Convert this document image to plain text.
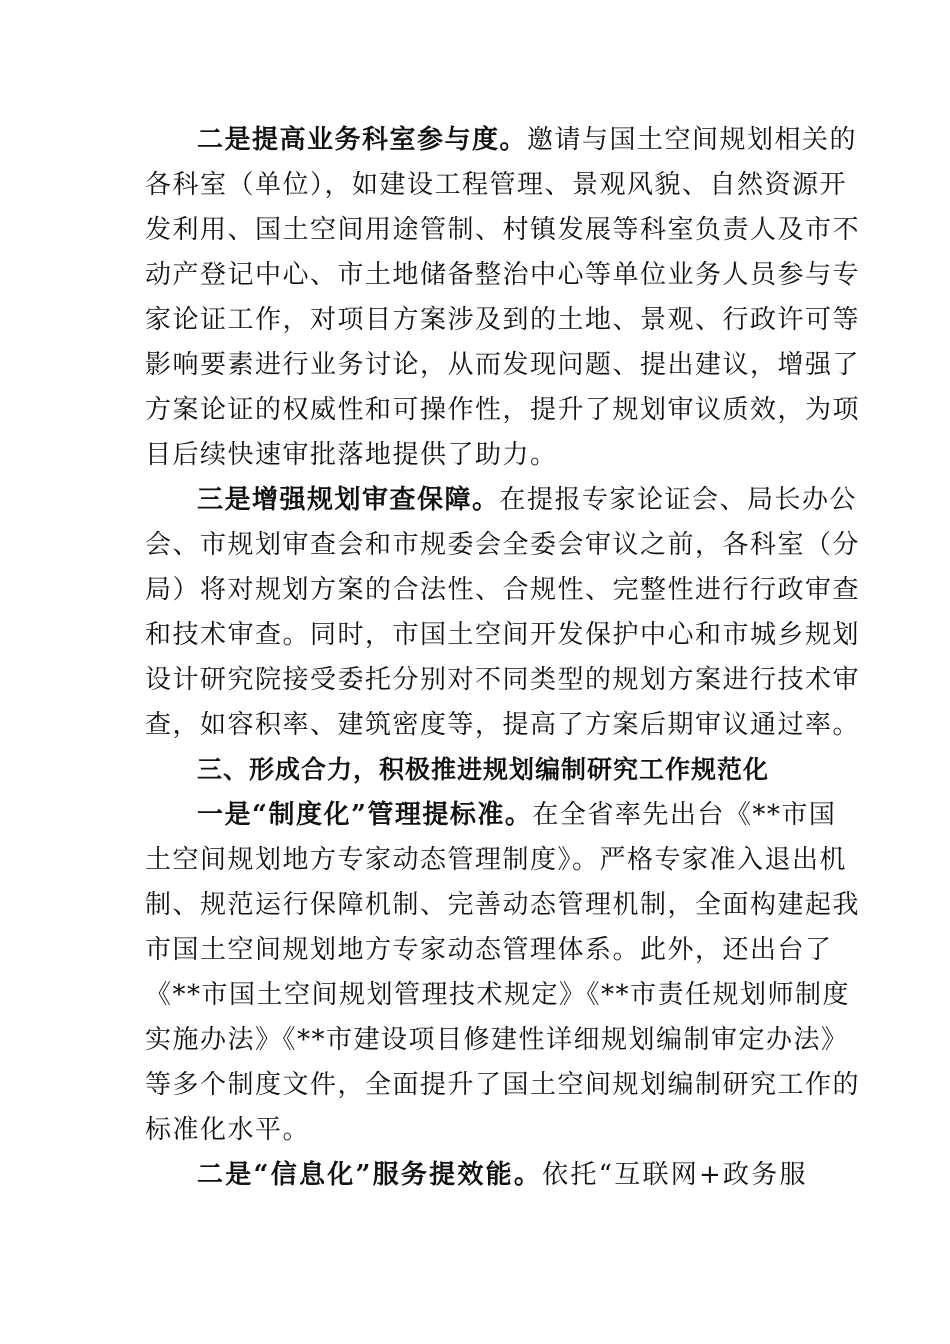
二是提高业务科室参与度。邀请与国土空间规划相关的
各科室（单位），如建设工程管理、景观风貌、自然资源开
发利用、国土空间用途管制、村镇发展等科室负责人及市不
动产登记中心、市土地储备整治中心等单位业务人员参与专
家论证工作，对项目方案涉及到的土地、景观、行政许可等
影响要素进行业务讨论，从而发现问题、提出建议，增强了
方案论证的权威性和可操作性，提升了规划审议质效，为项
目后续快速审批落地提供了助力。
三是增强规划审查保障。在提报专家论证会、局长办公
会、市规划审查会和市规委会全委会审议之前，各科室（分
局）将对规划方案的合法性、合规性、完整性进行行政审查
和技术审查。同时，市国土空间开发保护中心和市城乡规划
设计研究院接受委托分别对不同类型的规划方案进行技术审
查，如容积率、建筑密度等，提高了方案后期审议通过率。
三、形成合力，积极推进规划编制研究工作规范化
一是“制度化”管理提标准。在全省率先出台《**市国
土空间规划地方专家动态管理制度》。严格专家准入退出机
制、规范运行保障机制、完善动态管理机制，全面构建起我
市国土空间规划地方专家动态管理体系。此外，还出台了
《**市国土空间规划管理技术规定》《**市责任规划师制度
实施办法》《**市建设项目修建性详细规划编制审定办法》
等多个制度文件，全面提升了国土空间规划编制研究工作的
标准化水平。
二是“信息化”服务提效能。依托“互联网+政务服
